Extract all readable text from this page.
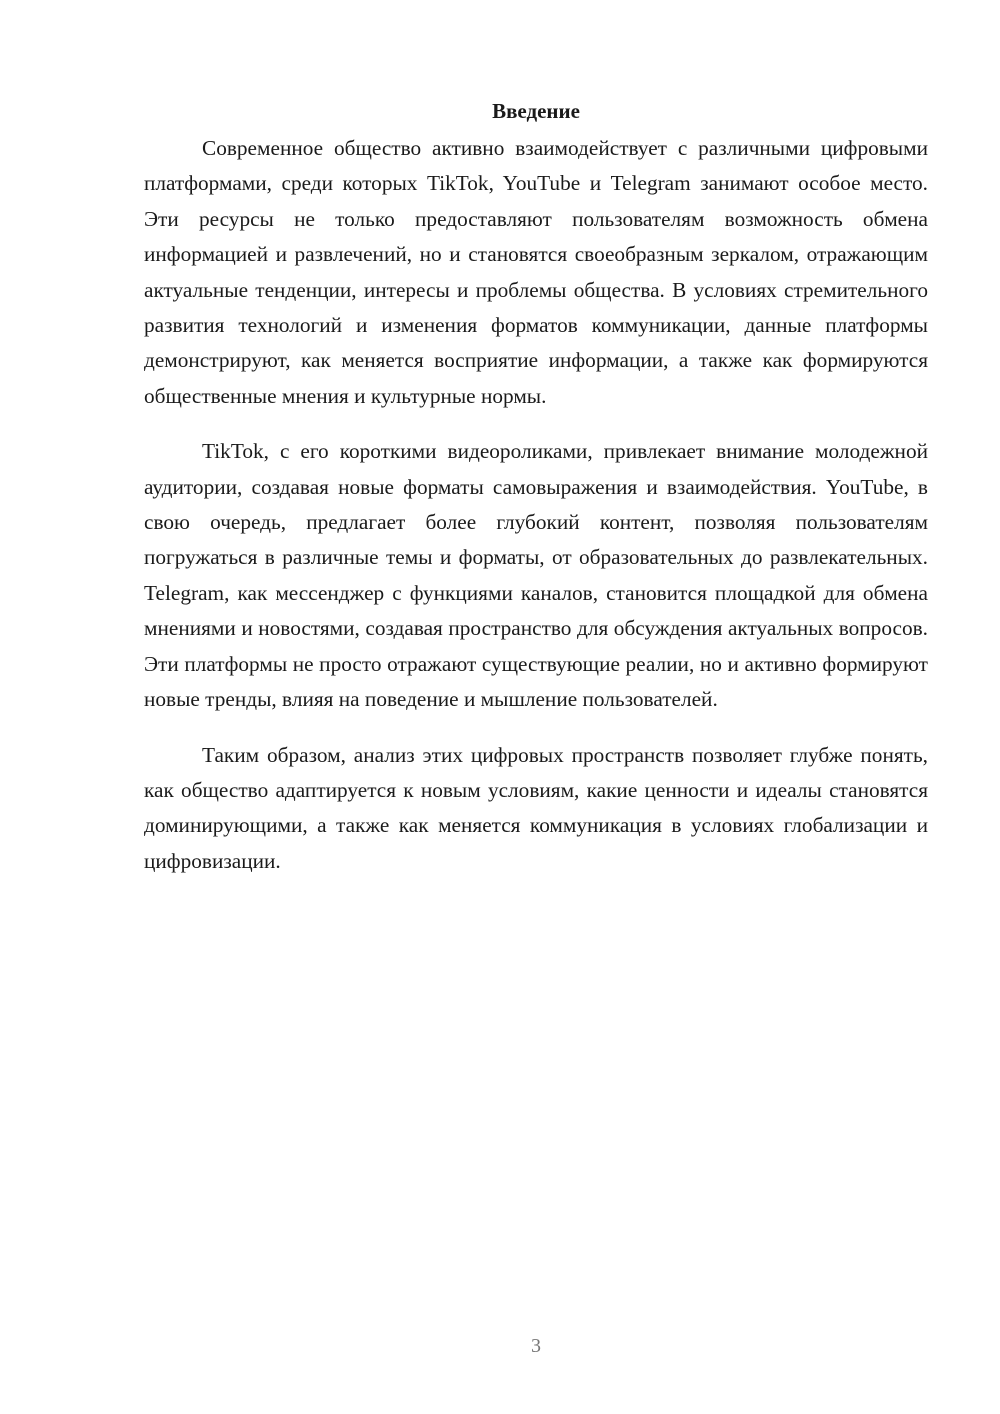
Введение

Современное общество активно взаимодействует с различными цифровыми платформами, среди которых TikTok, YouTube и Telegram занимают особое место. Эти ресурсы не только предоставляют пользователям возможность обмена информацией и развлечений, но и становятся своеобразным зеркалом, отражающим актуальные тенденции, интересы и проблемы общества. В условиях стремительного развития технологий и изменения форматов коммуникации, данные платформы демонстрируют, как меняется восприятие информации, а также как формируются общественные мнения и культурные нормы.

TikTok, с его короткими видеороликами, привлекает внимание молодежной аудитории, создавая новые форматы самовыражения и взаимодействия. YouTube, в свою очередь, предлагает более глубокий контент, позволяя пользователям погружаться в различные темы и форматы, от образовательных до развлекательных. Telegram, как мессенджер с функциями каналов, становится площадкой для обмена мнениями и новостями, создавая пространство для обсуждения актуальных вопросов. Эти платформы не просто отражают существующие реалии, но и активно формируют новые тренды, влияя на поведение и мышление пользователей.

Таким образом, анализ этих цифровых пространств позволяет глубже понять, как общество адаптируется к новым условиям, какие ценности и идеалы становятся доминирующими, а также как меняется коммуникация в условиях глобализации и цифровизации.

3
